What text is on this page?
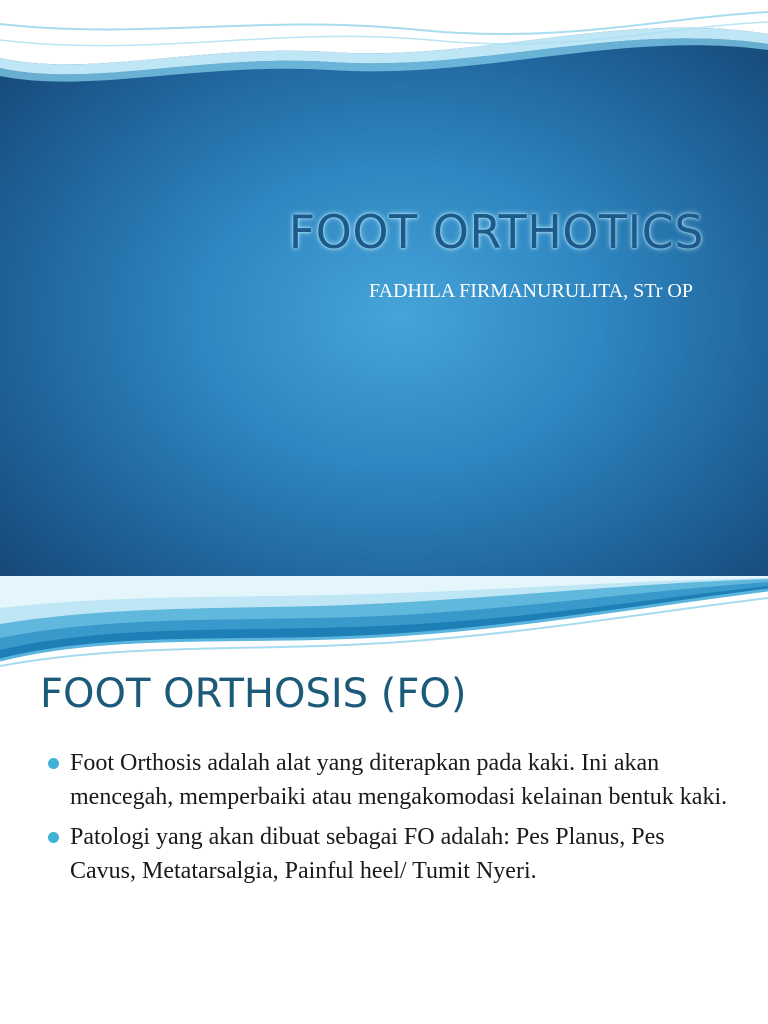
FOOT ORTHOTICS
FADHILA FIRMANURULITA, STr OP
FOOT ORTHOSIS (FO)
Foot Orthosis adalah alat yang diterapkan pada kaki. Ini akan mencegah, memperbaiki atau mengakomodasi kelainan bentuk kaki.
Patologi yang akan dibuat sebagai FO adalah: Pes Planus, Pes Cavus, Metatarsalgia, Painful heel/ Tumit Nyeri.
